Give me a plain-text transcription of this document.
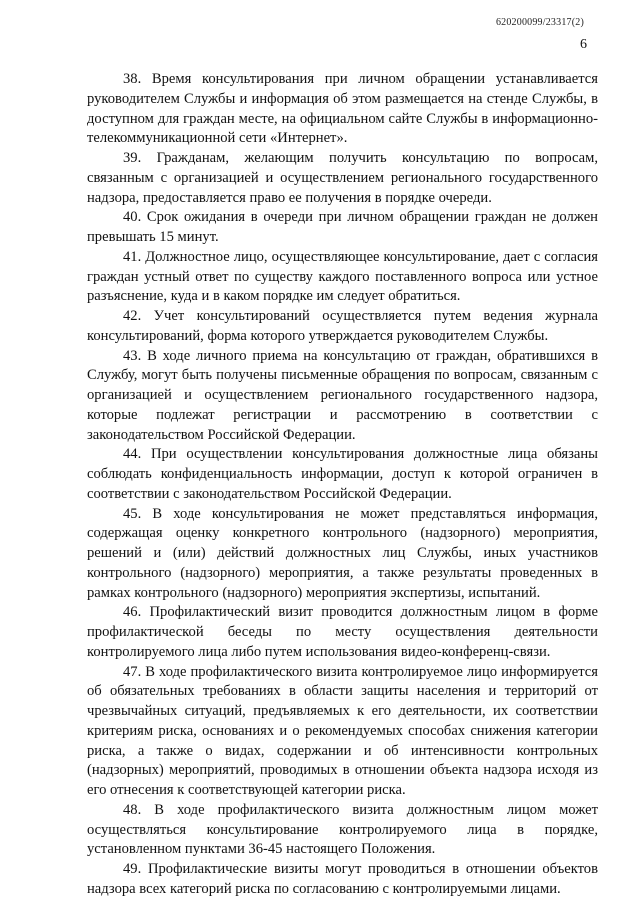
620200099/23317(2)
6

38. Время консультирования при личном обращении устанавливается руководителем Службы и информация об этом размещается на стенде Службы, в доступном для граждан месте, на официальном сайте Службы в информационно-телекоммуникационной сети «Интернет».

39. Гражданам, желающим получить консультацию по вопросам, связанным с организацией и осуществлением регионального государственного надзора, предоставляется право ее получения в порядке очереди.

40. Срок ожидания в очереди при личном обращении граждан не должен превышать 15 минут.

41. Должностное лицо, осуществляющее консультирование, дает с согласия граждан устный ответ по существу каждого поставленного вопроса или устное разъяснение, куда и в каком порядке им следует обратиться.

42. Учет консультирований осуществляется путем ведения журнала консультирований, форма которого утверждается руководителем Службы.

43. В ходе личного приема на консультацию от граждан, обратившихся в Службу, могут быть получены письменные обращения по вопросам, связанным с организацией и осуществлением регионального государственного надзора, которые подлежат регистрации и рассмотрению в соответствии с законодательством Российской Федерации.

44. При осуществлении консультирования должностные лица обязаны соблюдать конфиденциальность информации, доступ к которой ограничен в соответствии с законодательством Российской Федерации.

45. В ходе консультирования не может представляться информация, содержащая оценку конкретного контрольного (надзорного) мероприятия, решений и (или) действий должностных лиц Службы, иных участников контрольного (надзорного) мероприятия, а также результаты проведенных в рамках контрольного (надзорного) мероприятия экспертизы, испытаний.

46. Профилактический визит проводится должностным лицом в форме профилактической беседы по месту осуществления деятельности контролируемого лица либо путем использования видео-конференц-связи.

47. В ходе профилактического визита контролируемое лицо информируется об обязательных требованиях в области защиты населения и территорий от чрезвычайных ситуаций, предъявляемых к его деятельности, их соответствии критериям риска, основаниях и о рекомендуемых способах снижения категории риска, а также о видах, содержании и об интенсивности контрольных (надзорных) мероприятий, проводимых в отношении объекта надзора исходя из его отнесения к соответствующей категории риска.

48. В ходе профилактического визита должностным лицом может осуществляться консультирование контролируемого лица в порядке, установленном пунктами 36-45 настоящего Положения.

49. Профилактические визиты могут проводиться в отношении объектов надзора всех категорий риска по согласованию с контролируемыми лицами.
